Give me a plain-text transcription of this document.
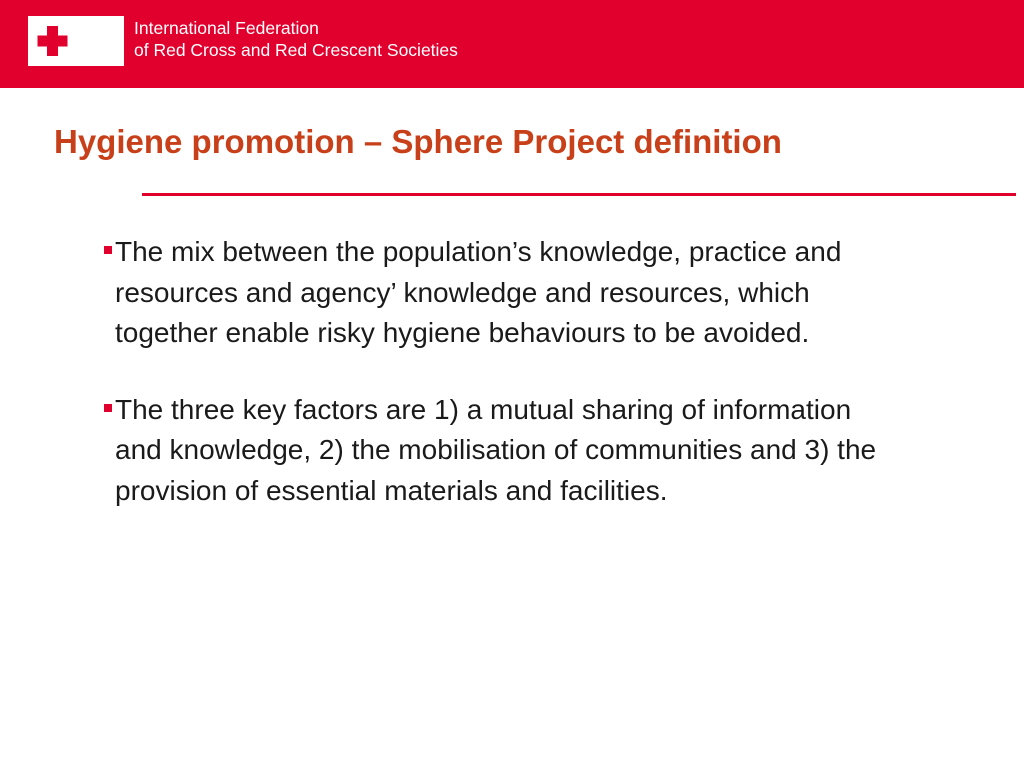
International Federation
of Red Cross and Red Crescent Societies
Hygiene promotion – Sphere Project definition
The mix between the population’s knowledge, practice and resources and agency’ knowledge and resources, which together enable risky hygiene behaviours to be avoided.
The three key factors are 1) a mutual sharing of information and knowledge, 2) the mobilisation of communities and 3) the provision of essential materials and facilities.
